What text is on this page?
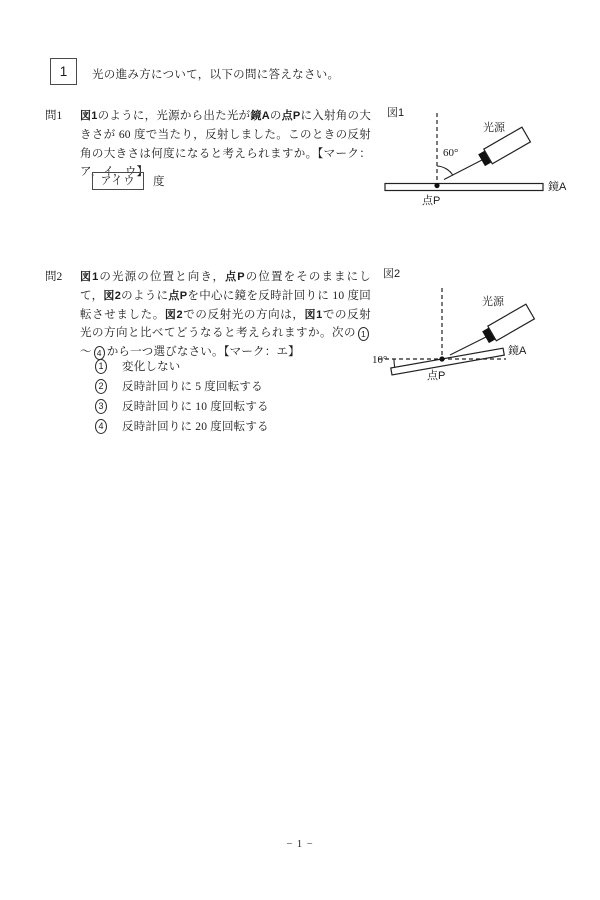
1	光の進み方について，以下の問に答えなさい。
問1 図1のように，光源から出た光が鏡Aの点Pに入射角の大きさが 60 度で当たり，反射しました。このときの反射角の大きさは何度になると考えられますか。【マーク：ア，イ，ウ】
アイウ	度
図1
60°
光源
鏡A
点P
問2 図1の光源の位置と向き，点Pの位置をそのままにして，図2のように点Pを中心に鏡を反時計回りに 10 度回転させました。図2での反射光の方向は，図1での反射光の方向と比べてどうなると考えられますか。次の 1～ 4 から一つ選びなさい。【マーク：エ】
1	変化しない
2	反時計回りに 5 度回転する
3	反時計回りに 10 度回転する
4	反時計回りに 20 度回転する
図2
10°
光源
鏡A
点P
− 1 −
